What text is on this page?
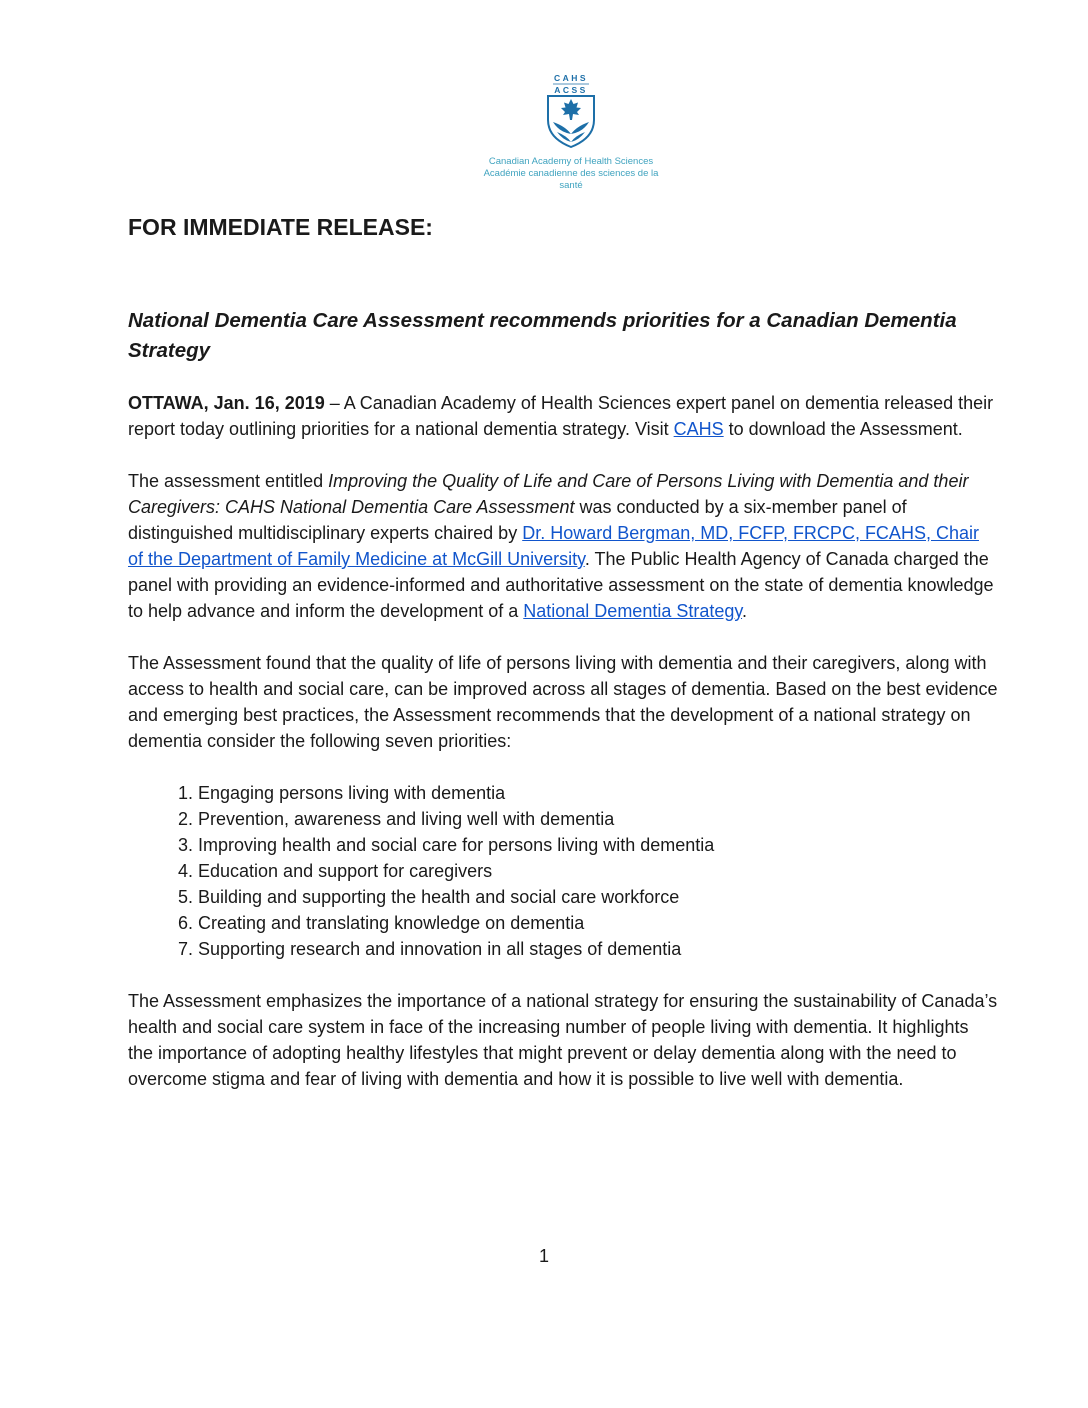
CAHS
ACSS
Canadian Academy of Health Sciences
Académie canadienne des sciences de la santé
FOR IMMEDIATE RELEASE:
National Dementia Care Assessment recommends priorities for a Canadian Dementia Strategy

OTTAWA, Jan. 16, 2019 – A Canadian Academy of Health Sciences expert panel on dementia released their report today outlining priorities for a national dementia strategy. Visit CAHS to download the Assessment.

The assessment entitled Improving the Quality of Life and Care of Persons Living with Dementia and their Caregivers: CAHS National Dementia Care Assessment was conducted by a six-member panel of distinguished multidisciplinary experts chaired by Dr. Howard Bergman, MD, FCFP, FRCPC, FCAHS, Chair of the Department of Family Medicine at McGill University. The Public Health Agency of Canada charged the panel with providing an evidence-informed and authoritative assessment on the state of dementia knowledge to help advance and inform the development of a National Dementia Strategy.

The Assessment found that the quality of life of persons living with dementia and their caregivers, along with access to health and social care, can be improved across all stages of dementia. Based on the best evidence and emerging best practices, the Assessment recommends that the development of a national strategy on dementia consider the following seven priorities:

1. Engaging persons living with dementia
2. Prevention, awareness and living well with dementia
3. Improving health and social care for persons living with dementia
4. Education and support for caregivers
5. Building and supporting the health and social care workforce
6. Creating and translating knowledge on dementia
7. Supporting research and innovation in all stages of dementia

The Assessment emphasizes the importance of a national strategy for ensuring the sustainability of Canada’s health and social care system in face of the increasing number of people living with dementia. It highlights the importance of adopting healthy lifestyles that might prevent or delay dementia along with the need to overcome stigma and fear of living with dementia and how it is possible to live well with dementia.

1
